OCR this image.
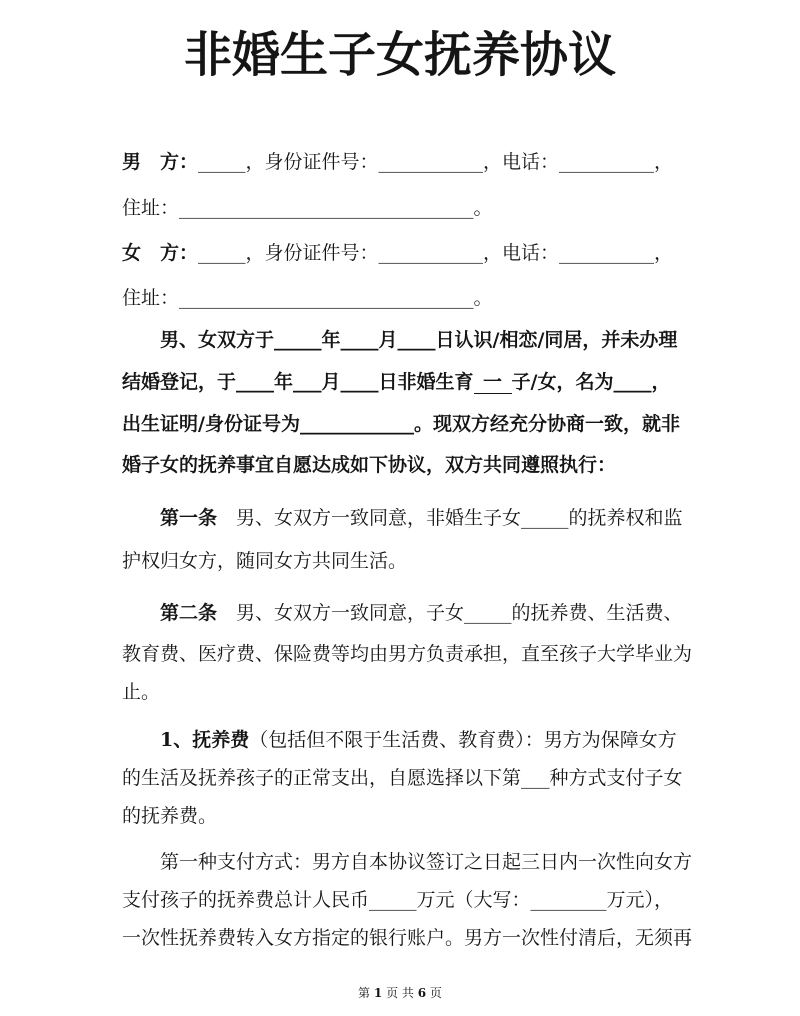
非婚生子女抚养协议
男　方：_____，身份证件号：___________，电话：__________，
住址：_______________________________。
女　方：_____，身份证件号：___________，电话：__________，
住址：_______________________________。
男、女双方于_____年____月____日认识/相恋/同居，并未办理
结婚登记，于____年___月____日非婚生育 一 子/女，名为____，
出生证明/身份证号为____________。现双方经充分协商一致，就非
婚子女的抚养事宜自愿达成如下协议，双方共同遵照执行：
第一条 男、女双方一致同意，非婚生子女_____的抚养权和监
护权归女方，随同女方共同生活。
第二条 男、女双方一致同意，子女_____的抚养费、生活费、
教育费、医疗费、保险费等均由男方负责承担，直至孩子大学毕业为
止。
1、抚养费（包括但不限于生活费、教育费）：男方为保障女方
的生活及抚养孩子的正常支出，自愿选择以下第___种方式支付子女
的抚养费。
第一种支付方式：男方自本协议签订之日起三日内一次性向女方
支付孩子的抚养费总计人民币_____万元（大写：________万元），
一次性抚养费转入女方指定的银行账户。男方一次性付清后，无须再
第 1 页 共 6 页
